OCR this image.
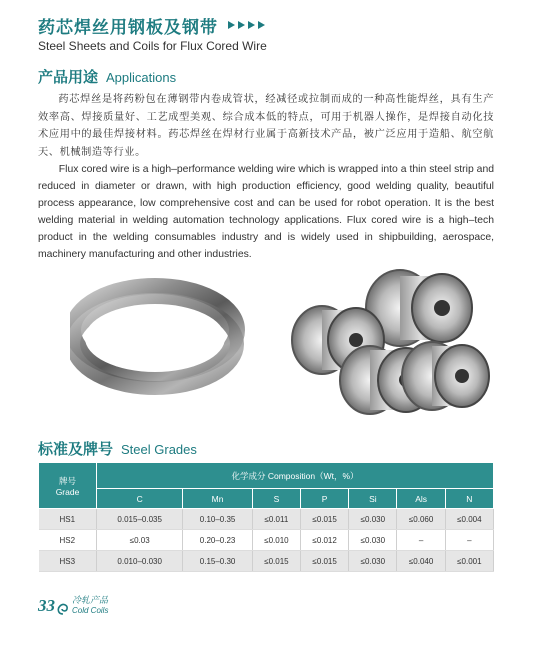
药芯焊丝用钢板及钢带
Steel Sheets and Coils for Flux Cored Wire
产品用途 Applications

药芯焊丝是将药粉包在薄钢带内卷成管状，经减径或拉制而成的一种高性能焊丝，具有生产效率高、焊接质量好、工艺成型美观、综合成本低的特点，可用于机器人操作，是焊接自动化技术应用中的最佳焊接材料。药芯焊丝在焊材行业属于高新技术产品，被广泛应用于造船、航空航天、机械制造等行业。

Flux cored wire is a high–performance welding wire which is wrapped into a thin steel strip and reduced in diameter or drawn, with high production efficiency, good welding quality, beautiful process appearance, low comprehensive cost and can be used for robot operation. It is the best welding material in welding automation technology applications. Flux cored wire is a high–tech product in the welding consumables industry and is widely used in shipbuilding, aerospace, machinery manufacturing and other industries.

标准及牌号 Steel Grades
牌号
Grade	化学成分 Composition（Wt，%）						
	C	Mn	S	P	Si	Als	N
HS1	0.015–0.035	0.10–0.35	≤0.011	≤0.015	≤0.030	≤0.060	≤0.004
HS2	≤0.03	0.20–0.23	≤0.010	≤0.012	≤0.030	–	–
HS3	0.010–0.030	0.15–0.30	≤0.015	≤0.015	≤0.030	≤0.040	≤0.001
33 冷轧产品
Cold Coils
